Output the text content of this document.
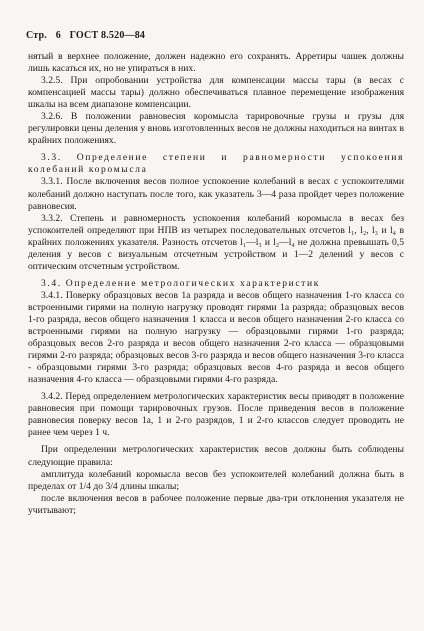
Стр. 6 ГОСТ 8.520—84

нятый в верхнее положение, должен надежно его сохранять. Арретиры чашек должны лишь касаться их, но не упираться в них.

3.2.5. При опробовании устройства для компенсации массы тары (в весах с компенсацией массы тары) должно обеспечиваться плавное перемещение изображения шкалы на всем диапазоне компенсации.

3.2.6. В положении равновесия коромысла тарировочные грузы и грузы для регулировки цены деления у вновь изготовленных весов не должны находиться на винтах в крайних положениях.

3.3. Определение степени и равномерности успокоения колебаний коромысла

3.3.1. После включения весов полное успокоение колебаний в весах с успокоителями колебаний должно наступать после того, как указатель 3—4 раза пройдет через положение равновесия.

3.3.2. Степень и равномерность успокоения колебаний коромысла в весах без успокоителей определяют при НПВ из четырех последовательных отсчетов l₁, l₂, l₃ и l₄ в крайних положениях указателя. Разность отсчетов l₁—l₃ и l₂—l₄ не должна превышать 0,5 деления у весов с визуальным отсчетным устройством и 1—2 делений у весов с оптическим отсчетным устройством.

3.4. Определение метрологических характеристик

3.4.1. Поверку образцовых весов 1а разряда и весов общего назначения 1-го класса со встроенными гирями на полную нагрузку проводят гирями 1а разряда; образцовых весов 1-го разряда, весов общего назначения 1 класса и весов общего назначения 2-го класса со встроенными гирями на полную нагрузку — образцовыми гирями 1-го разряда; образцовых весов 2-го разряда и весов общего назначения 2-го класса — образцовыми гирями 2-го разряда; образцовых весов 3-го разряда и весов общего назначения 3-го класса - образцовыми гирями 3-го разряда; образцовых весов 4-го разряда и весов общего назначения 4-го класса — образцовыми гирями 4-го разряда.

3.4.2. Перед определением метрологических характеристик весы приводят в положение равновесия при помощи тарировочных грузов. После приведения весов в положение равновесия поверку весов 1а, 1 и 2-го разрядов, 1 и 2-го классов следует проводить не ранее чем через 1 ч.

При определении метрологических характеристик весов должны быть соблюдены следующие правила:

амплитуда колебаний коромысла весов без успокоителей колебаний должна быть в пределах от 1/4 до 3/4 длины шкалы;

после включения весов в рабочее положение первые два-три отклонения указателя не учитывают;
